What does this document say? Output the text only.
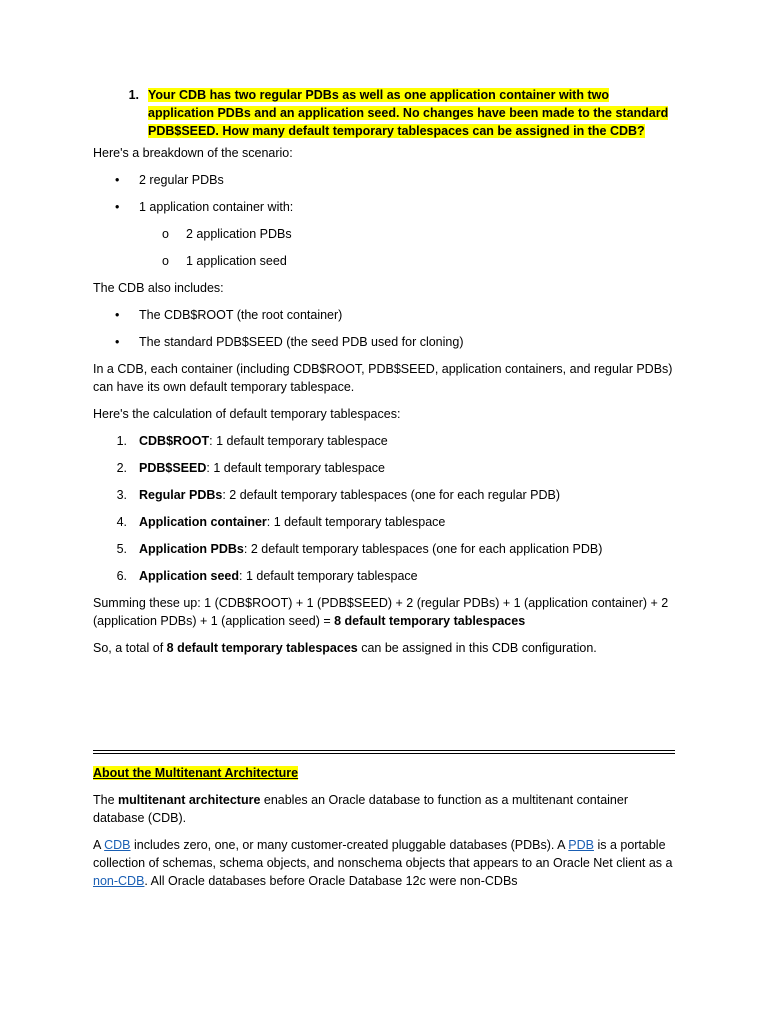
1. Your CDB has two regular PDBs as well as one application container with two application PDBs and an application seed. No changes have been made to the standard PDB$SEED. How many default temporary tablespaces can be assigned in the CDB?

Here's a breakdown of the scenario:

•	2 regular PDBs
•	1 application container with:
o	2 application PDBs
o	1 application seed

The CDB also includes:

•	The CDB$ROOT (the root container)
•	The standard PDB$SEED (the seed PDB used for cloning)

In a CDB, each container (including CDB$ROOT, PDB$SEED, application containers, and regular PDBs) can have its own default temporary tablespace.

Here's the calculation of default temporary tablespaces:

1. CDB$ROOT: 1 default temporary tablespace
2. PDB$SEED: 1 default temporary tablespace
3. Regular PDBs: 2 default temporary tablespaces (one for each regular PDB)
4. Application container: 1 default temporary tablespace
5. Application PDBs: 2 default temporary tablespaces (one for each application PDB)
6. Application seed: 1 default temporary tablespace

Summing these up: 1 (CDB$ROOT) + 1 (PDB$SEED) + 2 (regular PDBs) + 1 (application container) + 2 (application PDBs) + 1 (application seed) = 8 default temporary tablespaces

So, a total of 8 default temporary tablespaces can be assigned in this CDB configuration.

About the Multitenant Architecture

The multitenant architecture enables an Oracle database to function as a multitenant container database (CDB).

A CDB includes zero, one, or many customer-created pluggable databases (PDBs). A PDB is a portable collection of schemas, schema objects, and nonschema objects that appears to an Oracle Net client as a non-CDB. All Oracle databases before Oracle Database 12c were non-CDBs
